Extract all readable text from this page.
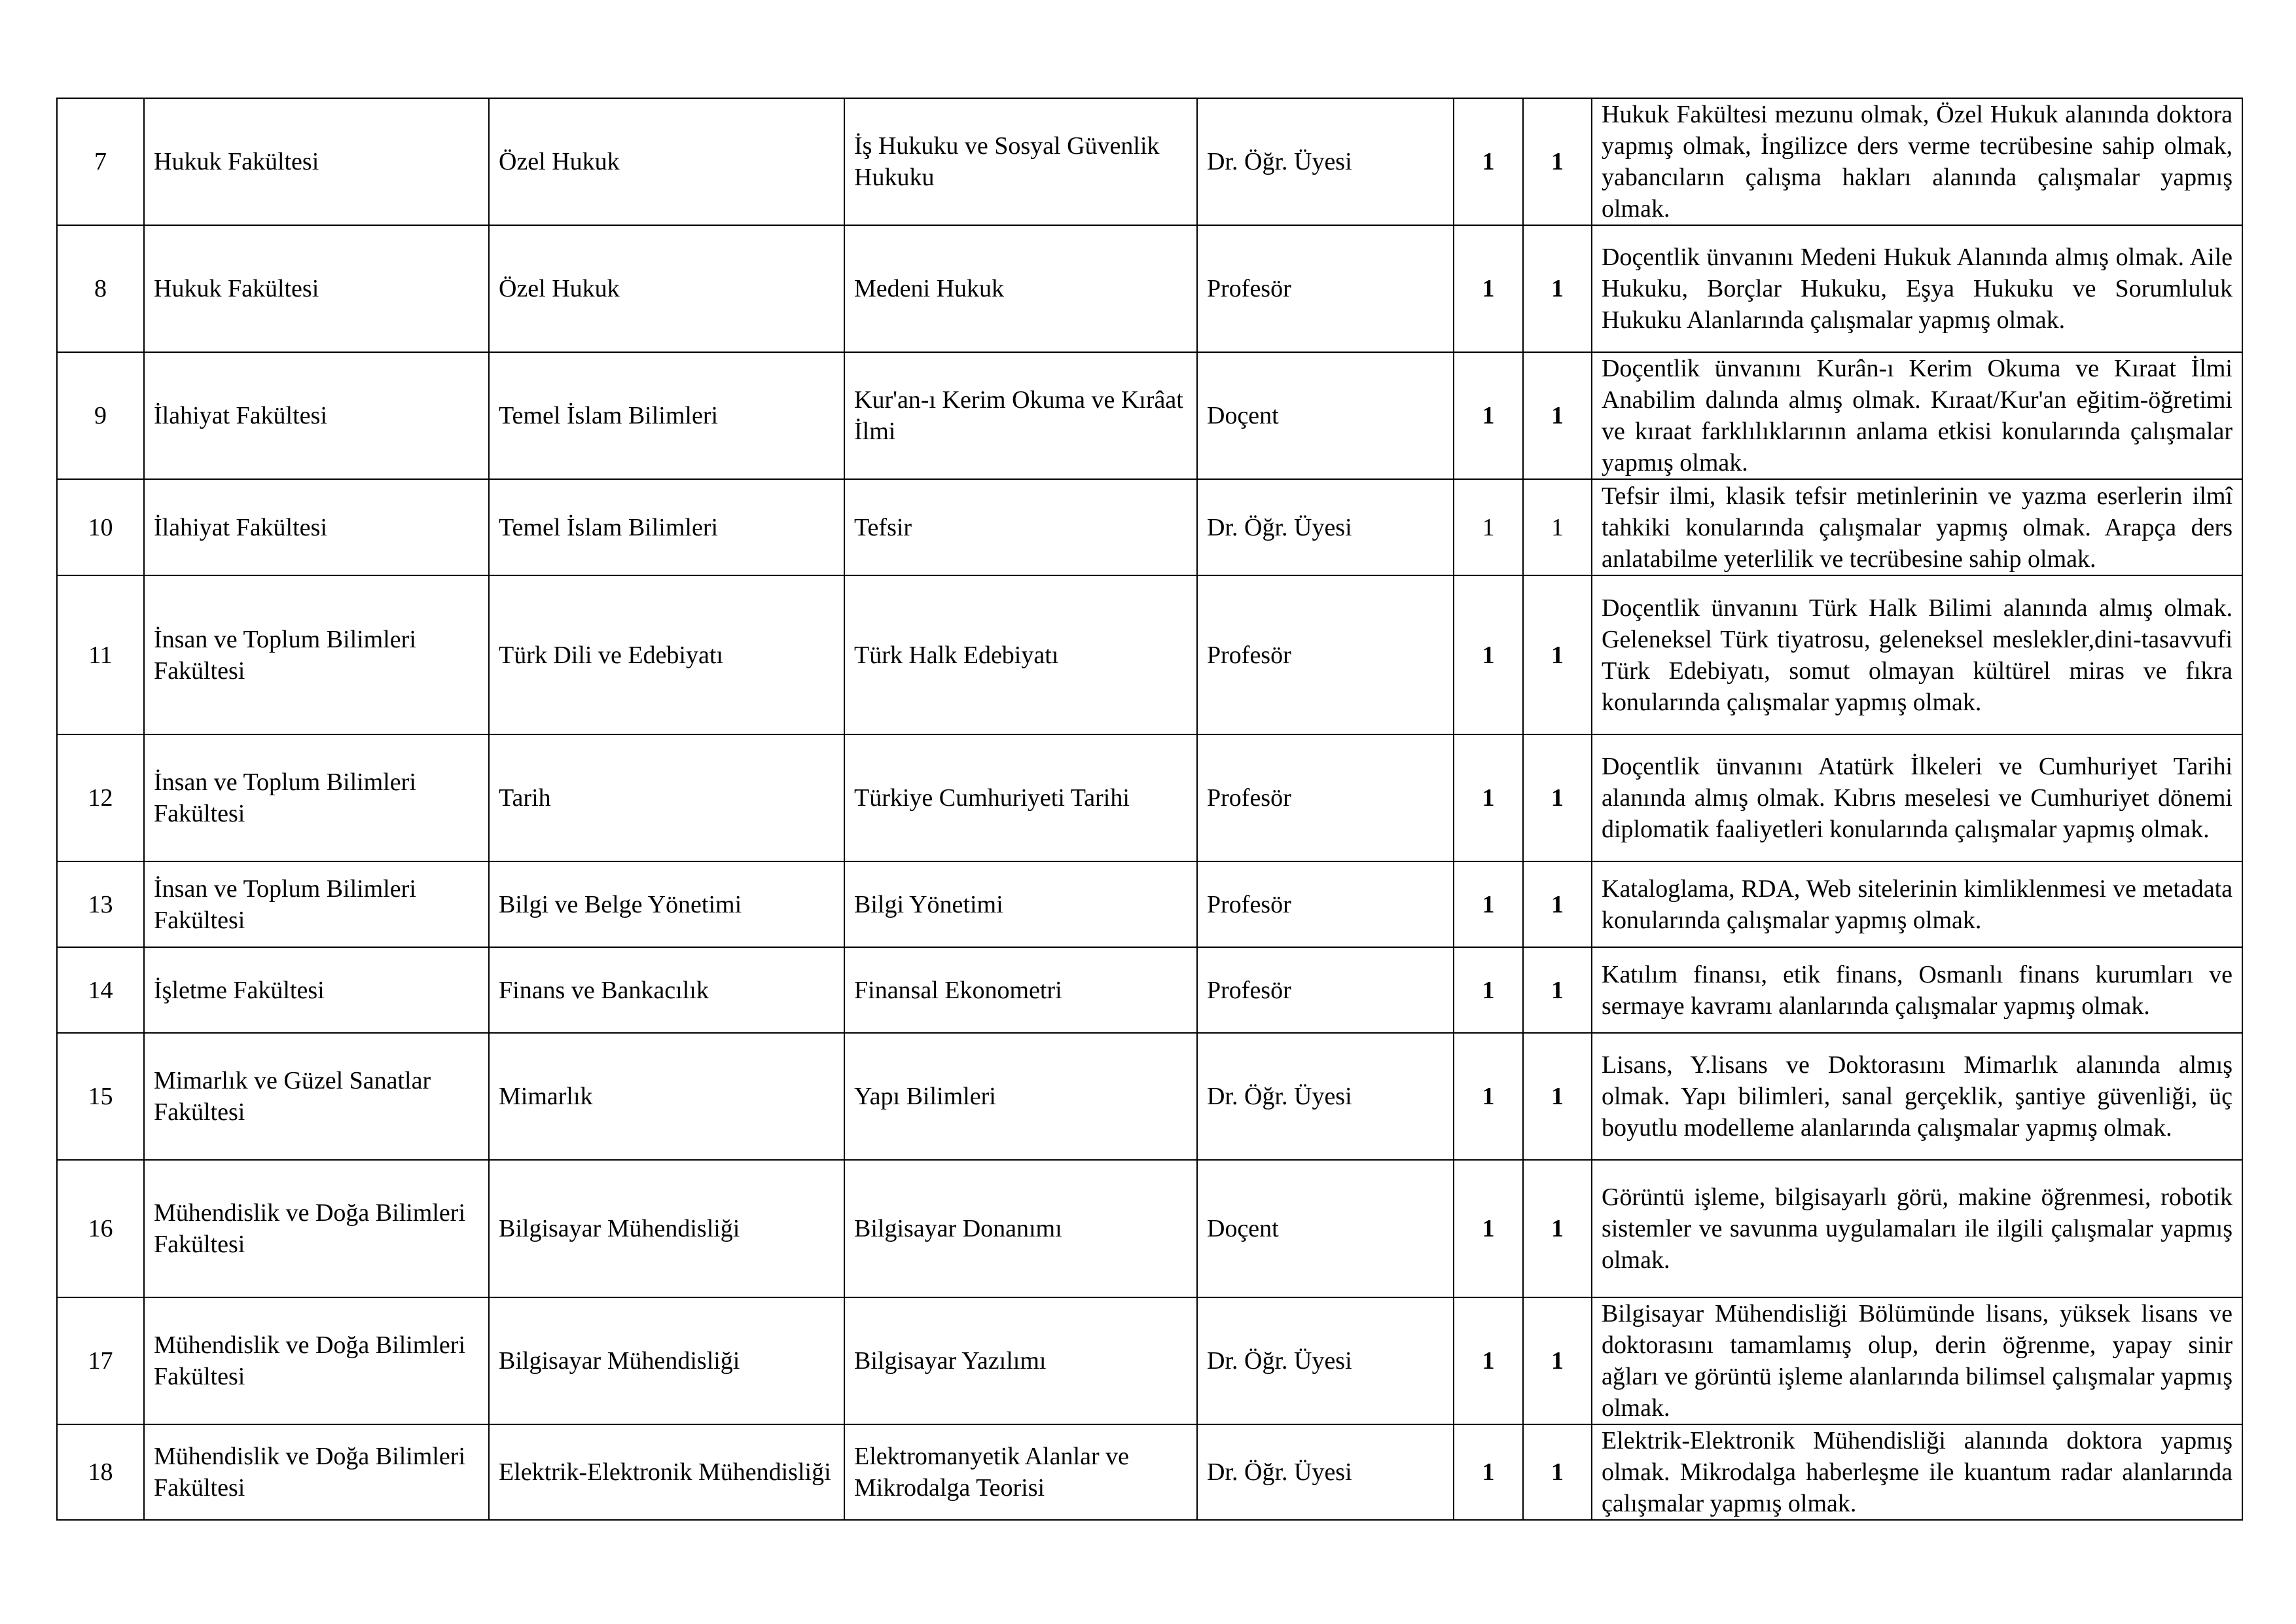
7	Hukuk Fakültesi	Özel Hukuk	İş Hukuku ve Sosyal Güvenlik Hukuku	Dr. Öğr. Üyesi	1	1	Hukuk Fakültesi mezunu olmak, Özel Hukuk alanında doktora yapmış olmak, İngilizce ders verme tecrübesine sahip olmak, yabancıların çalışma hakları alanında çalışmalar yapmış olmak.
8	Hukuk Fakültesi	Özel Hukuk	Medeni Hukuk	Profesör	1	1	Doçentlik ünvanını Medeni Hukuk Alanında almış olmak. Aile Hukuku, Borçlar Hukuku, Eşya Hukuku ve Sorumluluk Hukuku Alanlarında çalışmalar yapmış olmak.
9	İlahiyat Fakültesi	Temel İslam Bilimleri	Kur'an-ı Kerim Okuma ve Kırâat İlmi	Doçent	1	1	Doçentlik ünvanını Kurân-ı Kerim Okuma ve Kıraat İlmi Anabilim dalında almış olmak. Kıraat/Kur'an eğitim-öğretimi ve kıraat farklılıklarının anlama etkisi konularında çalışmalar yapmış olmak.
10	İlahiyat Fakültesi	Temel İslam Bilimleri	Tefsir	Dr. Öğr. Üyesi	1	1	Tefsir ilmi, klasik tefsir metinlerinin ve yazma eserlerin ilmî tahkiki konularında çalışmalar yapmış olmak. Arapça ders anlatabilme yeterlilik ve tecrübesine sahip olmak.
11	İnsan ve Toplum Bilimleri Fakültesi	Türk Dili ve Edebiyatı	Türk Halk Edebiyatı	Profesör	1	1	Doçentlik ünvanını Türk Halk Bilimi alanında almış olmak. Geleneksel Türk tiyatrosu, geleneksel meslekler,dini-tasavvufi Türk Edebiyatı, somut olmayan kültürel miras ve fıkra konularında çalışmalar yapmış olmak.
12	İnsan ve Toplum Bilimleri Fakültesi	Tarih	Türkiye Cumhuriyeti Tarihi	Profesör	1	1	Doçentlik ünvanını Atatürk İlkeleri ve Cumhuriyet Tarihi alanında almış olmak. Kıbrıs meselesi ve Cumhuriyet dönemi diplomatik faaliyetleri konularında çalışmalar yapmış olmak.
13	İnsan ve Toplum Bilimleri Fakültesi	Bilgi ve Belge Yönetimi	Bilgi Yönetimi	Profesör	1	1	Kataloglama, RDA, Web sitelerinin kimliklenmesi ve metadata konularında çalışmalar yapmış olmak.
14	İşletme Fakültesi	Finans ve Bankacılık	Finansal Ekonometri	Profesör	1	1	Katılım finansı, etik finans, Osmanlı finans kurumları ve sermaye kavramı alanlarında çalışmalar yapmış olmak.
15	Mimarlık ve Güzel Sanatlar Fakültesi	Mimarlık	Yapı Bilimleri	Dr. Öğr. Üyesi	1	1	Lisans, Y.lisans ve Doktorasını Mimarlık alanında almış olmak. Yapı bilimleri, sanal gerçeklik, şantiye güvenliği, üç boyutlu modelleme alanlarında çalışmalar yapmış olmak.
16	Mühendislik ve Doğa Bilimleri Fakültesi	Bilgisayar Mühendisliği	Bilgisayar Donanımı	Doçent	1	1	Görüntü işleme, bilgisayarlı görü, makine öğrenmesi, robotik sistemler ve savunma uygulamaları ile ilgili çalışmalar yapmış olmak.
17	Mühendislik ve Doğa Bilimleri Fakültesi	Bilgisayar Mühendisliği	Bilgisayar Yazılımı	Dr. Öğr. Üyesi	1	1	Bilgisayar Mühendisliği Bölümünde lisans, yüksek lisans ve doktorasını tamamlamış olup, derin öğrenme, yapay sinir ağları ve görüntü işleme alanlarında bilimsel çalışmalar yapmış olmak.
18	Mühendislik ve Doğa Bilimleri Fakültesi	Elektrik-Elektronik Mühendisliği	Elektromanyetik Alanlar ve Mikrodalga Teorisi	Dr. Öğr. Üyesi	1	1	Elektrik-Elektronik Mühendisliği alanında doktora yapmış olmak. Mikrodalga haberleşme ile kuantum radar alanlarında çalışmalar yapmış olmak.
